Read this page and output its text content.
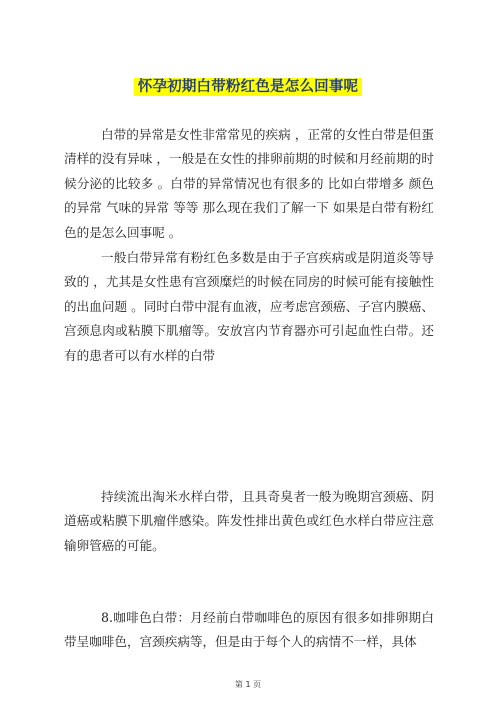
怀孕初期白带粉红色是怎么回事呢

白带的异常是女性非常常见的疾病 ，正常的女性白带是但蛋清样的没有异味 ，一般是在女性的排卵前期的时候和月经前期的时候分泌的比较多 。白带的异常情况也有很多的 比如白带增多 颜色的异常 气味的异常 等等 那么现在我们了解一下 如果是白带有粉红色的是怎么回事呢 。

一般白带异常有粉红色多数是由于子宫疾病或是阴道炎等导致的 ，尤其是女性患有宫颈糜烂的时候在同房的时候可能有接触性的出血问题 。同时白带中混有血液，应考虑宫颈癌、子宫内膜癌、宫颈息肉或粘膜下肌瘤等。安放宫内节育器亦可引起血性白带。还有的患者可以有水样的白带

持续流出淘米水样白带，且具奇臭者一般为晚期宫颈癌、阴道癌或粘膜下肌瘤伴感染。阵发性排出黄色或红色水样白带应注意输卵管癌的可能。

8.咖啡色白带：月经前白带咖啡色的原因有很多如排卵期白带呈咖啡色，宫颈疾病等，但是由于每个人的病情不一样，具体

第 1 页
